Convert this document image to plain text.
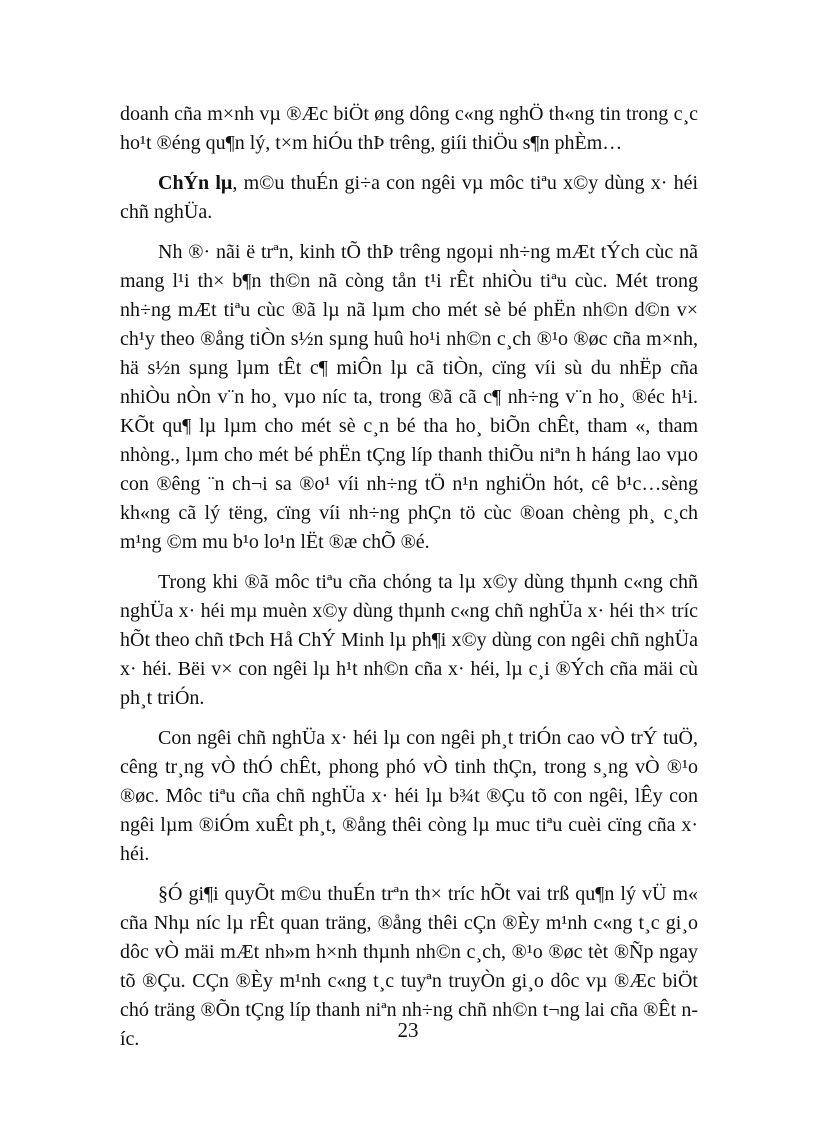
doanh cña m×nh vµ ®Æc biÖt øng dông c«ng nghÖ th«ng tin trong c¸c ho¹t ®éng qu¶n lý, t×m hiÓu thÞ trêng, giíi thiÖu s¶n phÈm…

ChÝn lµ, m©u thuÉn gi÷a con ngêi vµ môc tiªu x©y dùng x· héi chñ nghÜa.

Nh ®· nãi ë trªn, kinh tÕ thÞ trêng ngoµi nh÷ng mÆt tÝch cùc nã mang l¹i th× b¶n th©n nã còng tån t¹i rÊt nhiÒu tiªu cùc. Mét trong nh÷ng mÆt tiªu cùc ®ã lµ nã lµm cho mét sè bé phËn nh©n d©n v× ch¹y theo ®ång tiÒn s½n sµng huû ho¹i nh©n c¸ch ®¹o ®øc cña m×nh, hä s½n sµng lµm tÊt c¶ miÔn lµ cã tiÒn, cïng víi sù du nhËp cña nhiÒu nÒn v¨n ho¸ vµo níc ta, trong ®ã cã c¶ nh÷ng v¨n ho¸ ®éc h¹i. KÕt qu¶ lµ lµm cho mét sè c¸n bé tha ho¸ biÕn chÊt, tham «, tham nhòng., lµm cho mét bé phËn tÇng líp thanh thiÕu niªn h háng lao vµo con ®êng ¨n ch¬i sa ®o¹ víi nh÷ng tÖ n¹n nghiÖn hót, cê b¹c…sèng kh«ng cã lý tëng, cïng víi nh÷ng phÇn tö cùc ®oan chèng ph¸ c¸ch m¹ng ©m mu b¹o lo¹n lËt ®æ chÕ ®é.

Trong khi ®ã môc tiªu cña chóng ta lµ x©y dùng thµnh c«ng chñ nghÜa x· héi mµ muèn x©y dùng thµnh c«ng chñ nghÜa x· héi th× tríc hÕt theo chñ tÞch Hå ChÝ Minh lµ ph¶i x©y dùng con ngêi chñ nghÜa x· héi. Bëi v× con ngêi lµ h¹t nh©n cña x· héi, lµ c¸i ®Ých cña mäi cù ph¸t triÓn.

Con ngêi chñ nghÜa x· héi lµ con ngêi ph¸t triÓn cao vÒ trÝ tuÖ, cêng tr¸ng vÒ thÓ chÊt, phong phó vÒ tinh thÇn, trong s¸ng vÒ ®¹o ®øc. Môc tiªu cña chñ nghÜa x· héi lµ b¾t ®Çu tõ con ngêi, lÊy con ngêi lµm ®iÓm xuÊt ph¸t, ®ång thêi còng lµ muc tiªu cuèi cïng cña x· héi.

§Ó gi¶i quyÕt m©u thuÉn trªn th× tríc hÕt vai trß qu¶n lý vÜ m« cña Nhµ níc lµ rÊt quan träng, ®ång thêi cÇn ®Èy m¹nh c«ng t¸c gi¸o dôc vÒ mäi mÆt nh»m h×nh thµnh nh©n c¸ch, ®¹o ®øc tèt ®Ñp ngay tõ ®Çu. CÇn ®Èy m¹nh c«ng t¸c tuyªn truyÒn gi¸o dôc vµ ®Æc biÖt chó träng ®Õn tÇng líp thanh niªn nh÷ng chñ nh©n t¬ng lai cña ®Êt níc.	23
